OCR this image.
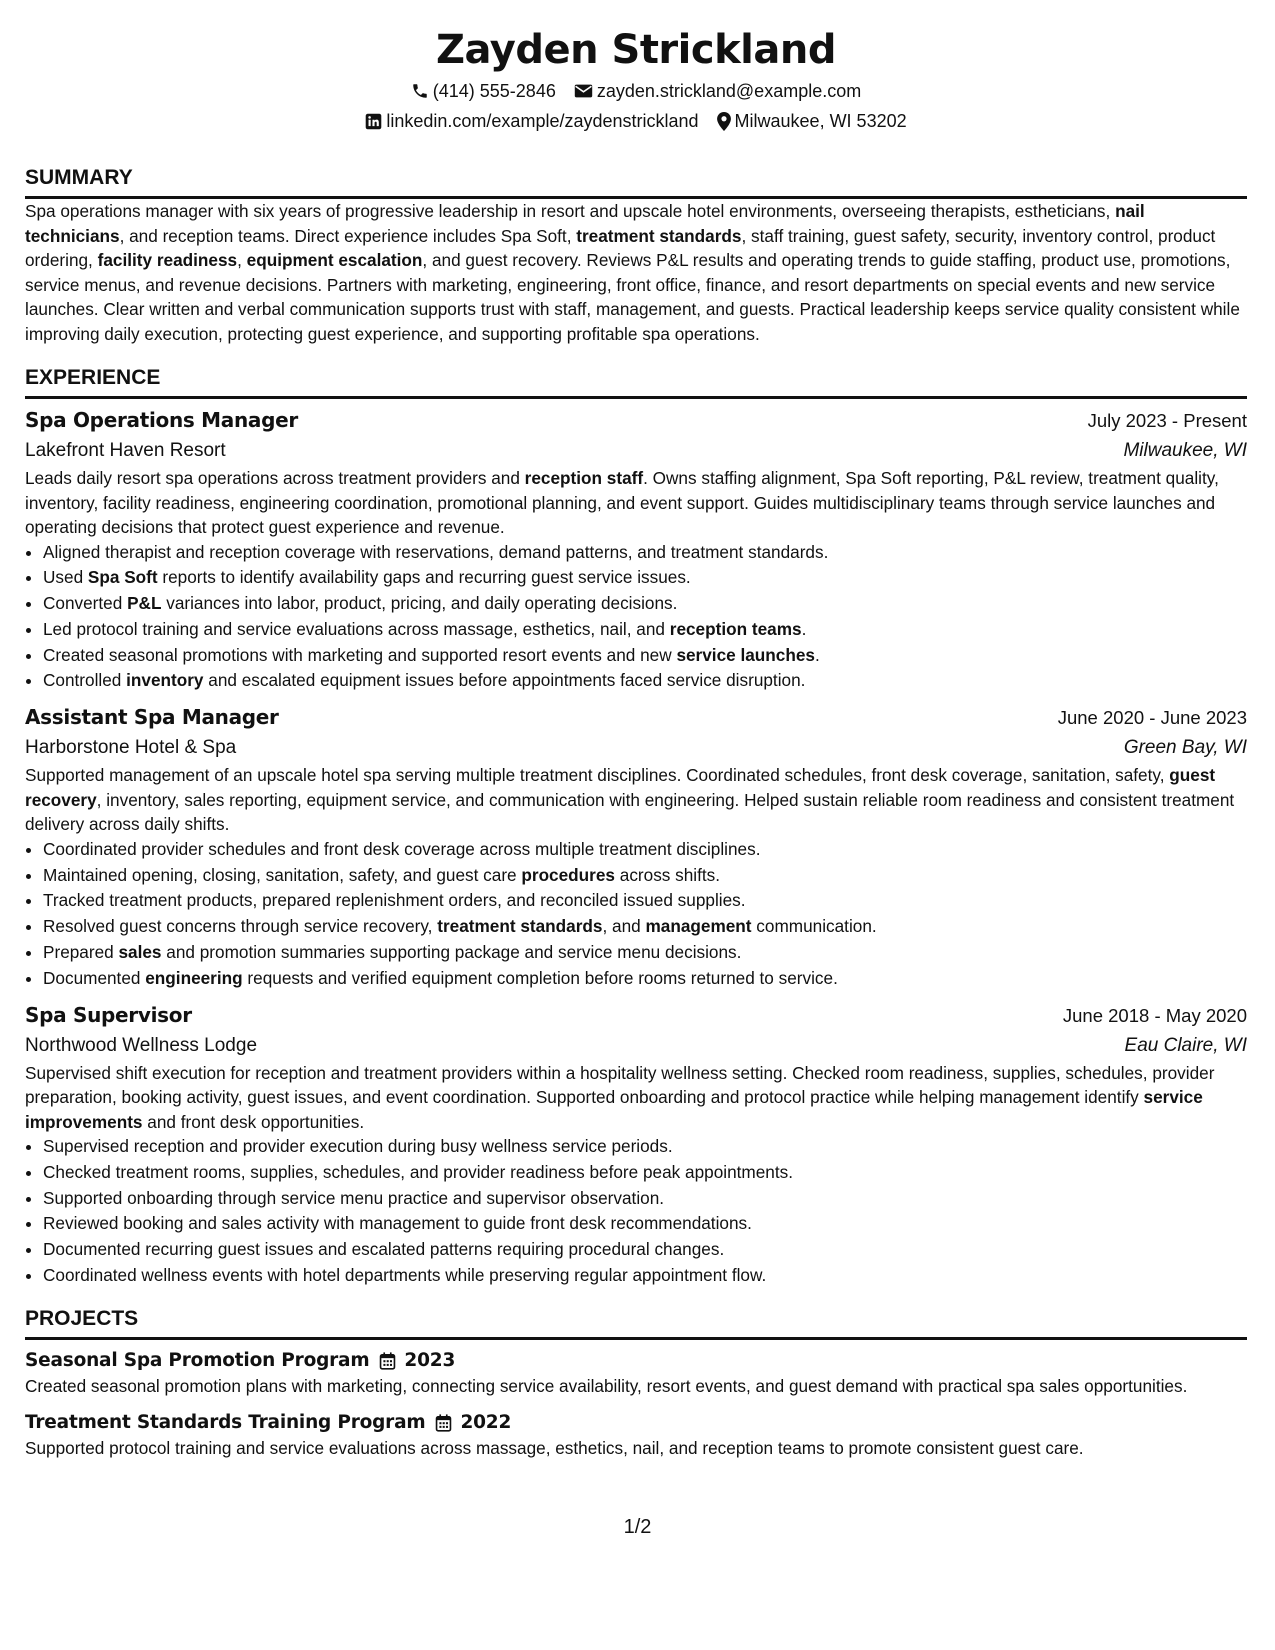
Zayden Strickland
(414) 555-2846 zayden.strickland@example.com
linkedin.com/example/zaydenstrickland Milwaukee, WI 53202
SUMMARY

Spa operations manager with six years of progressive leadership in resort and upscale hotel environments, overseeing therapists, estheticians, nail technicians, and reception teams. Direct experience includes Spa Soft, treatment standards, staff training, guest safety, security, inventory control, product ordering, facility readiness, equipment escalation, and guest recovery. Reviews P&L results and operating trends to guide staffing, product use, promotions, service menus, and revenue decisions. Partners with marketing, engineering, front office, finance, and resort departments on special events and new service launches. Clear written and verbal communication supports trust with staff, management, and guests. Practical leadership keeps service quality consistent while improving daily execution, protecting guest experience, and supporting profitable spa operations.

EXPERIENCE
Spa Operations Manager	July 2023 - Present
Lakefront Haven Resort	Milwaukee, WI

Leads daily resort spa operations across treatment providers and reception staff. Owns staffing alignment, Spa Soft reporting, P&L review, treatment quality, inventory, facility readiness, engineering coordination, promotional planning, and event support. Guides multidisciplinary teams through service launches and operating decisions that protect guest experience and revenue.

• Aligned therapist and reception coverage with reservations, demand patterns, and treatment standards.
• Used Spa Soft reports to identify availability gaps and recurring guest service issues.
• Converted P&L variances into labor, product, pricing, and daily operating decisions.
• Led protocol training and service evaluations across massage, esthetics, nail, and reception teams.
• Created seasonal promotions with marketing and supported resort events and new service launches.
• Controlled inventory and escalated equipment issues before appointments faced service disruption.
Assistant Spa Manager	June 2020 - June 2023
Harborstone Hotel & Spa	Green Bay, WI

Supported management of an upscale hotel spa serving multiple treatment disciplines. Coordinated schedules, front desk coverage, sanitation, safety, guest recovery, inventory, sales reporting, equipment service, and communication with engineering. Helped sustain reliable room readiness and consistent treatment delivery across daily shifts.

• Coordinated provider schedules and front desk coverage across multiple treatment disciplines.
• Maintained opening, closing, sanitation, safety, and guest care procedures across shifts.
• Tracked treatment products, prepared replenishment orders, and reconciled issued supplies.
• Resolved guest concerns through service recovery, treatment standards, and management communication.
• Prepared sales and promotion summaries supporting package and service menu decisions.
• Documented engineering requests and verified equipment completion before rooms returned to service.
Spa Supervisor	June 2018 - May 2020
Northwood Wellness Lodge	Eau Claire, WI

Supervised shift execution for reception and treatment providers within a hospitality wellness setting. Checked room readiness, supplies, schedules, provider preparation, booking activity, guest issues, and event coordination. Supported onboarding and protocol practice while helping management identify service improvements and front desk opportunities.

• Supervised reception and provider execution during busy wellness service periods.
• Checked treatment rooms, supplies, schedules, and provider readiness before peak appointments.
• Supported onboarding through service menu practice and supervisor observation.
• Reviewed booking and sales activity with management to guide front desk recommendations.
• Documented recurring guest issues and escalated patterns requiring procedural changes.
• Coordinated wellness events with hotel departments while preserving regular appointment flow.
PROJECTS
Seasonal Spa Promotion Program 2023

Created seasonal promotion plans with marketing, connecting service availability, resort events, and guest demand with practical spa sales opportunities.

Treatment Standards Training Program 2022

Supported protocol training and service evaluations across massage, esthetics, nail, and reception teams to promote consistent guest care.

1/2
